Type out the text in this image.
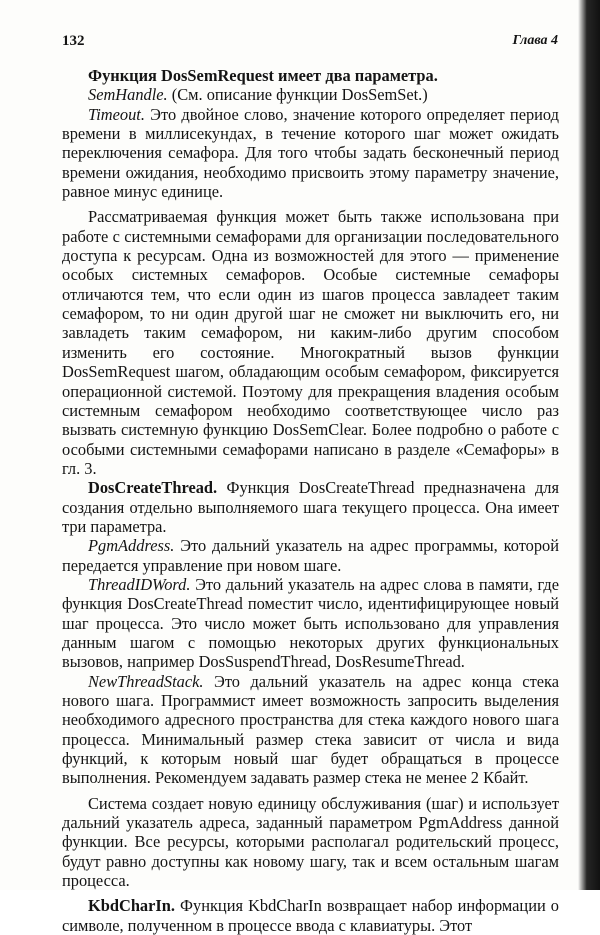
132	Глава 4

Функция DosSemRequest имеет два параметра.

SemHandle. (См. описание функции DosSemSet.)

Timeout. Это двойное слово, значение которого определяет период времени в миллисекундах, в течение которого шаг может ожидать переключения семафора. Для того чтобы задать бесконечный период времени ожидания, необходимо присвоить этому параметру значение, равное минус единице.

Рассматриваемая функция может быть также использована при работе с системными семафорами для организации последовательного доступа к ресурсам. Одна из возможностей для этого — применение особых системных семафоров. Особые системные семафоры отличаются тем, что если один из шагов процесса завладеет таким семафором, то ни один другой шаг не сможет ни выключить его, ни завладеть таким семафором, ни каким-либо другим способом изменить его состояние. Многократный вызов функции DosSemRequest шагом, обладающим особым семафором, фиксируется операционной системой. Поэтому для прекращения владения особым системным семафором необходимо соответствующее число раз вызвать системную функцию DosSemClear. Более подробно о работе с особыми системными семафорами написано в разделе «Семафоры» в гл. 3.

DosCreateThread. Функция DosCreateThread предназначена для создания отдельно выполняемого шага текущего процесса. Она имеет три параметра.

PgmAddress. Это дальний указатель на адрес программы, которой передается управление при новом шаге.

ThreadIDWord. Это дальний указатель на адрес слова в памяти, где функция DosCreateThread поместит число, идентифицирующее новый шаг процесса. Это число может быть использовано для управления данным шагом с помощью некоторых других функциональных вызовов, например DosSuspendThread, DosResumeThread.

NewThreadStack. Это дальний указатель на адрес конца стека нового шага. Программист имеет возможность запросить выделения необходимого адресного пространства для стека каждого нового шага процесса. Минимальный размер стека зависит от числа и вида функций, к которым новый шаг будет обращаться в процессе выполнения. Рекомендуем задавать размер стека не менее 2 Кбайт.

Система создает новую единицу обслуживания (шаг) и использует дальний указатель адреса, заданный параметром PgmAddress данной функции. Все ресурсы, которыми располагал родительский процесс, будут равно доступны как новому шагу, так и всем остальным шагам процесса.

KbdCharIn. Функция KbdCharIn возвращает набор информации о символе, полученном в процессе ввода с клавиатуры. Этот
